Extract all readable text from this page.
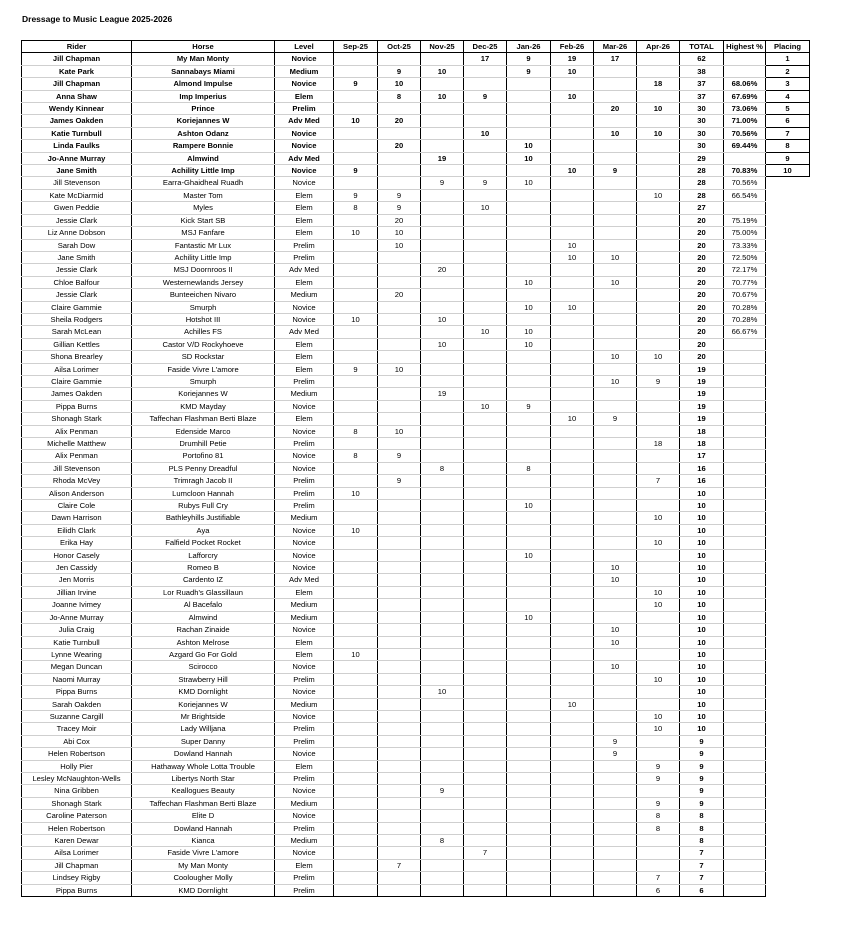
Dressage to Music League 2025-2026
Rider	Horse	Level	Sep-25	Oct-25	Nov-25	Dec-25	Jan-26	Feb-26	Mar-26	Apr-26	TOTAL	Highest %	Placing
Jill Chapman	My Man Monty	Novice				17	9	19	17		62		1
Kate Park	Sannabays Miami	Medium		9	10		9	10			38		2
Jill Chapman	Almond Impulse	Novice	9	10						18	37	68.06%	3
Anna Shaw	Imp Imperius	Elem		8	10	9		10			37	67.69%	4
Wendy Kinnear	Prince	Prelim							20	10	30	73.06%	5
James Oakden	Koriejannes W	Adv Med	10	20							30	71.00%	6
Katie Turnbull	Ashton Odanz	Novice				10			10	10	30	70.56%	7
Linda Faulks	Rampere Bonnie	Novice		20			10				30	69.44%	8
Jo-Anne Murray	Almwind	Adv Med			19		10				29		9
Jane Smith	Achility Little Imp	Novice	9					10	9		28	70.83%	10
Jill Stevenson	Earra-Ghaidheal Ruadh	Novice			9	9	10				28	70.56%	
Kate McDiarmid	Master Tom	Elem	9	9						10	28	66.54%	
Gwen Peddie	Myles	Elem	8	9		10					27		
Jessie Clark	Kick Start SB	Elem		20							20	75.19%	
Liz Anne Dobson	MSJ Fanfare	Elem	10	10							20	75.00%	
Sarah Dow	Fantastic Mr Lux	Prelim		10				10			20	73.33%	
Jane Smith	Achility Little Imp	Prelim						10	10		20	72.50%	
Jessie Clark	MSJ Doornroos II	Adv Med			20						20	72.17%	
Chloe Balfour	Westernewlands Jersey	Elem					10		10		20	70.77%	
Jessie Clark	Bunteeichen Nivaro	Medium		20							20	70.67%	
Claire Gammie	Smurph	Novice					10	10			20	70.28%	
Sheila Rodgers	Hotshot III	Novice	10		10						20	70.28%	
Sarah McLean	Achilles FS	Adv Med				10	10				20	66.67%	
Gillian Kettles	Castor V/D Rockyhoeve	Elem			10		10				20		
Shona Brearley	SD Rockstar	Elem							10	10	20		
Ailsa Lorimer	Faside Vivre L'amore	Elem	9	10							19		
Claire Gammie	Smurph	Prelim							10	9	19		
James Oakden	Koriejannes W	Medium			19						19		
Pippa Burns	KMD Mayday	Novice				10	9				19		
Shonagh Stark	Taffechan Flashman Berti Blaze	Elem						10	9		19		
Alix Penman	Edenside Marco	Novice	8	10							18		
Michelle Matthew	Drumhill Petie	Prelim								18	18		
Alix Penman	Portofino 81	Novice	8	9							17		
Jill Stevenson	PLS Penny Dreadful	Novice			8		8				16		
Rhoda McVey	Trimragh Jacob II	Prelim		9						7	16		
Alison Anderson	Lumcloon Hannah	Prelim	10								10		
Claire Cole	Rubys Full Cry	Prelim					10				10		
Dawn Harrison	Bathleyhills Justifiable	Medium								10	10		
Eilidh Clark	Aya	Novice	10								10		
Erika Hay	Falfield Pocket Rocket	Novice								10	10		
Honor Casely	Lafforcry	Novice					10				10		
Jen Cassidy	Romeo B	Novice							10		10		
Jen Morris	Cardento IZ	Adv Med							10		10		
Jillian Irvine	Lor Ruadh's Glassillaun	Elem								10	10		
Joanne Ivimey	Al Bacefalo	Medium								10	10		
Jo-Anne Murray	Almwind	Medium					10				10		
Julia Craig	Rachan Zinaide	Novice							10		10		
Katie Turnbull	Ashton Melrose	Elem							10		10		
Lynne Wearing	Azgard Go For Gold	Elem	10								10		
Megan Duncan	Scirocco	Novice							10		10		
Naomi Murray	Strawberry Hill	Prelim								10	10		
Pippa Burns	KMD Dornlight	Novice			10						10		
Sarah Oakden	Koriejannes W	Medium						10			10		
Suzanne Cargill	Mr Brightside	Novice								10	10		
Tracey Moir	Lady Willjana	Prelim								10	10		
Abi Cox	Super Danny	Prelim							9		9		
Helen Robertson	Dowland Hannah	Novice							9		9		
Holly Pier	Hathaway Whole Lotta Trouble	Elem								9	9		
Lesley McNaughton-Wells	Libertys North Star	Prelim								9	9		
Nina Gribben	Keallogues Beauty	Novice			9						9		
Shonagh Stark	Taffechan Flashman Berti Blaze	Medium								9	9		
Caroline Paterson	Elite D	Novice								8	8		
Helen Robertson	Dowland Hannah	Prelim								8	8		
Karen Dewar	Kianca	Medium			8						8		
Ailsa Lorimer	Faside Vivre L'amore	Novice				7					7		
Jill Chapman	My Man Monty	Elem		7							7		
Lindsey Rigby	Coolougher Molly	Prelim								7	7		
Pippa Burns	KMD Dornlight	Prelim								6	6		
